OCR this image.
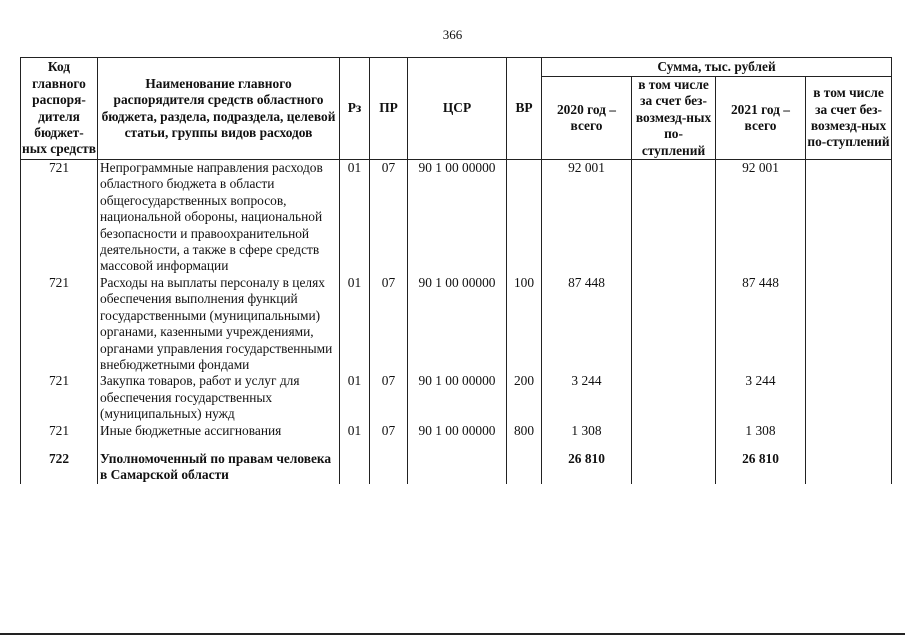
366
Код главного распоря-дителя бюджет-ных средств	Наименование главного распорядителя средств областного бюджета, раздела, подраздела, целевой статьи, группы видов расходов	Рз	ПР	ЦСР	ВР	Сумма, тыс. рублей			
						2020 год – всего	в том числе за счет без-возмезд-ных по-ступлений	2021 год – всего	в том числе за счет без-возмезд-ных по-ступлений
721	Непрограммные направления расходов областного бюджета в области общегосударственных вопросов, национальной обороны, национальной безопасности и правоохранительной деятельности, а также в сфере средств массовой информации	01	07	90 1 00 00000		92 001		92 001	
721	Расходы на выплаты персоналу в целях обеспечения выполнения функций государственными (муниципальными) органами, казенными учреждениями, органами управления государственными внебюджетными фондами	01	07	90 1 00 00000	100	87 448		87 448	
721	Закупка товаров, работ и услуг для обеспечения государственных (муниципальных) нужд	01	07	90 1 00 00000	200	3 244		3 244	
721	Иные бюджетные ассигнования	01	07	90 1 00 00000	800	1 308		1 308	
722	Уполномоченный по правам человека в Самарской области					26 810		26 810	
